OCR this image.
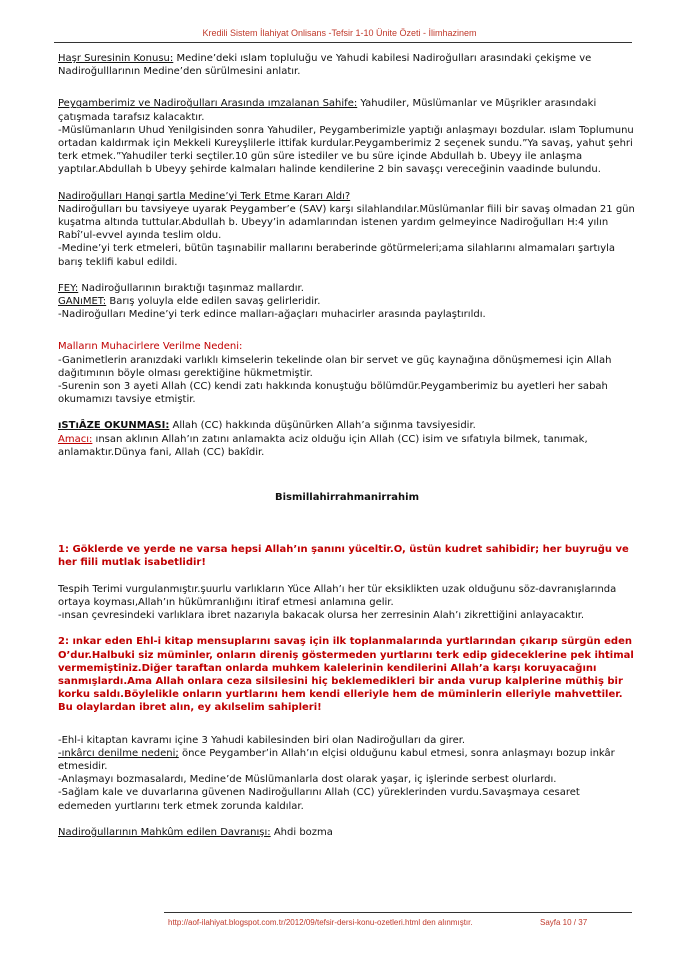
Kredili Sistem İlahiyat Onlisans -Tefsir 1-10 Ünite Özeti - İlimhazinem

Haşr Suresinin Konusu: Medine’deki ıslam topluluğu ve Yahudi kabilesi Nadiroğulları arasındaki çekişme ve Nadiroğulllarının Medine’den sürülmesini anlatır.

Peygamberimiz ve Nadiroğulları Arasında ımzalanan Sahife: Yahudiler, Müslümanlar ve Müşrikler arasındaki çatışmada tarafsız kalacaktır.

-Müslümanların Uhud Yenilgisinden sonra Yahudiler, Peygamberimizle yaptığı anlaşmayı bozdular. ıslam Toplumunu ortadan kaldırmak için Mekkeli Kureyşlilerle ittifak kurdular.Peygamberimiz 2 seçenek sundu.”Ya savaş, yahut şehri terk etmek.”Yahudiler terki seçtiler.10 gün süre istediler ve bu süre içinde Abdullah b. Ubeyy ile anlaşma yaptılar.Abdullah b Ubeyy şehirde kalmaları halinde kendilerine 2 bin savaşçı vereceğinin vaadinde bulundu.

Nadiroğulları Hangi şartla Medine’yi Terk Etme Kararı Aldı?

Nadiroğulları bu tavsiyeye uyarak Peygamber’e (SAV) karşı silahlandılar.Müslümanlar fiili bir savaş olmadan 21 gün kuşatma altında tuttular.Abdullah b. Ubeyy’in adamlarından istenen yardım gelmeyince Nadiroğulları H:4 yılın Rabî’ul-evvel ayında teslim oldu.

-Medine’yi terk etmeleri, bütün taşınabilir mallarını beraberinde götürmeleri;ama silahlarını almamaları şartıyla barış teklifi kabul edildi.

FEY: Nadiroğullarının bıraktığı taşınmaz mallardır.

GANıMET: Barış yoluyla elde edilen savaş gelirleridir.

-Nadiroğulları Medine’yi terk edince malları-ağaçları muhacirler arasında paylaştırıldı.

Malların Muhacirlere Verilme Nedeni:

-Ganimetlerin aranızdaki varlıklı kimselerin tekelinde olan bir servet ve güç kaynağına dönüşmemesi için Allah dağıtımının böyle olması gerektiğine hükmetmiştir.

-Surenin son 3 ayeti Allah (CC) kendi zatı hakkında konuştuğu bölümdür.Peygamberimiz bu ayetleri her sabah okumamızı tavsiye etmiştir.

ıSTıÂZE OKUNMASI: Allah (CC) hakkında düşünürken Allah’a sığınma tavsiyesidir.

Amacı: ınsan aklının Allah’ın zatını anlamakta aciz olduğu için Allah (CC) isim ve sıfatıyla bilmek, tanımak, anlamaktır.Dünya fani, Allah (CC) bakîdir.

Bismillahirrahmanirrahim

1: Göklerde ve yerde ne varsa hepsi Allah’ın şanını yüceltir.O, üstün kudret sahibidir; her buyruğu ve her fiili mutlak isabetlidir!

Tespih Terimi vurgulanmıştır.şuurlu varlıkların Yüce Allah’ı her tür eksiklikten uzak olduğunu söz-davranışlarında ortaya koyması,Allah’ın hükümranlığını itiraf etmesi anlamına gelir.

-ınsan çevresindeki varlıklara ibret nazarıyla bakacak olursa her zerresinin Alah’ı zikrettiğini anlayacaktır.

2: ınkar eden Ehl-i kitap mensuplarını savaş için ilk toplanmalarında yurtlarından çıkarıp sürgün eden O’dur.Halbuki siz müminler, onların direniş göstermeden yurtlarını terk edip gideceklerine pek ihtimal vermemiştiniz.Diğer taraftan onlarda muhkem kalelerinin kendilerini Allah’a karşı koruyacağını sanmışlardı.Ama Allah onlara ceza silsilesini hiç beklemedikleri bir anda vurup kalplerine müthiş bir korku saldı.Böylelikle onların yurtlarını hem kendi elleriyle hem de müminlerin elleriyle mahvettiler. Bu olaylardan ibret alın, ey akılselim sahipleri!

-Ehl-i kitaptan kavramı içine 3 Yahudi kabilesinden biri olan Nadiroğulları da girer.

-ınkârcı denilme nedeni; önce Peygamber’in Allah’ın elçisi olduğunu kabul etmesi, sonra anlaşmayı bozup inkâr etmesidir.

-Anlaşmayı bozmasalardı, Medine’de Müslümanlarla dost olarak yaşar, iç işlerinde serbest olurlardı.

-Sağlam kale ve duvarlarına güvenen Nadiroğullarını Allah (CC) yüreklerinden vurdu.Savaşmaya cesaret edemeden yurtlarını terk etmek zorunda kaldılar.

Nadiroğullarının Mahkûm edilen Davranışı: Ahdi bozma

http://aof-ilahiyat.blogspot.com.tr/2012/09/tefsir-dersi-konu-ozetleri.html den alınmıştır.	Sayfa 10 / 37
